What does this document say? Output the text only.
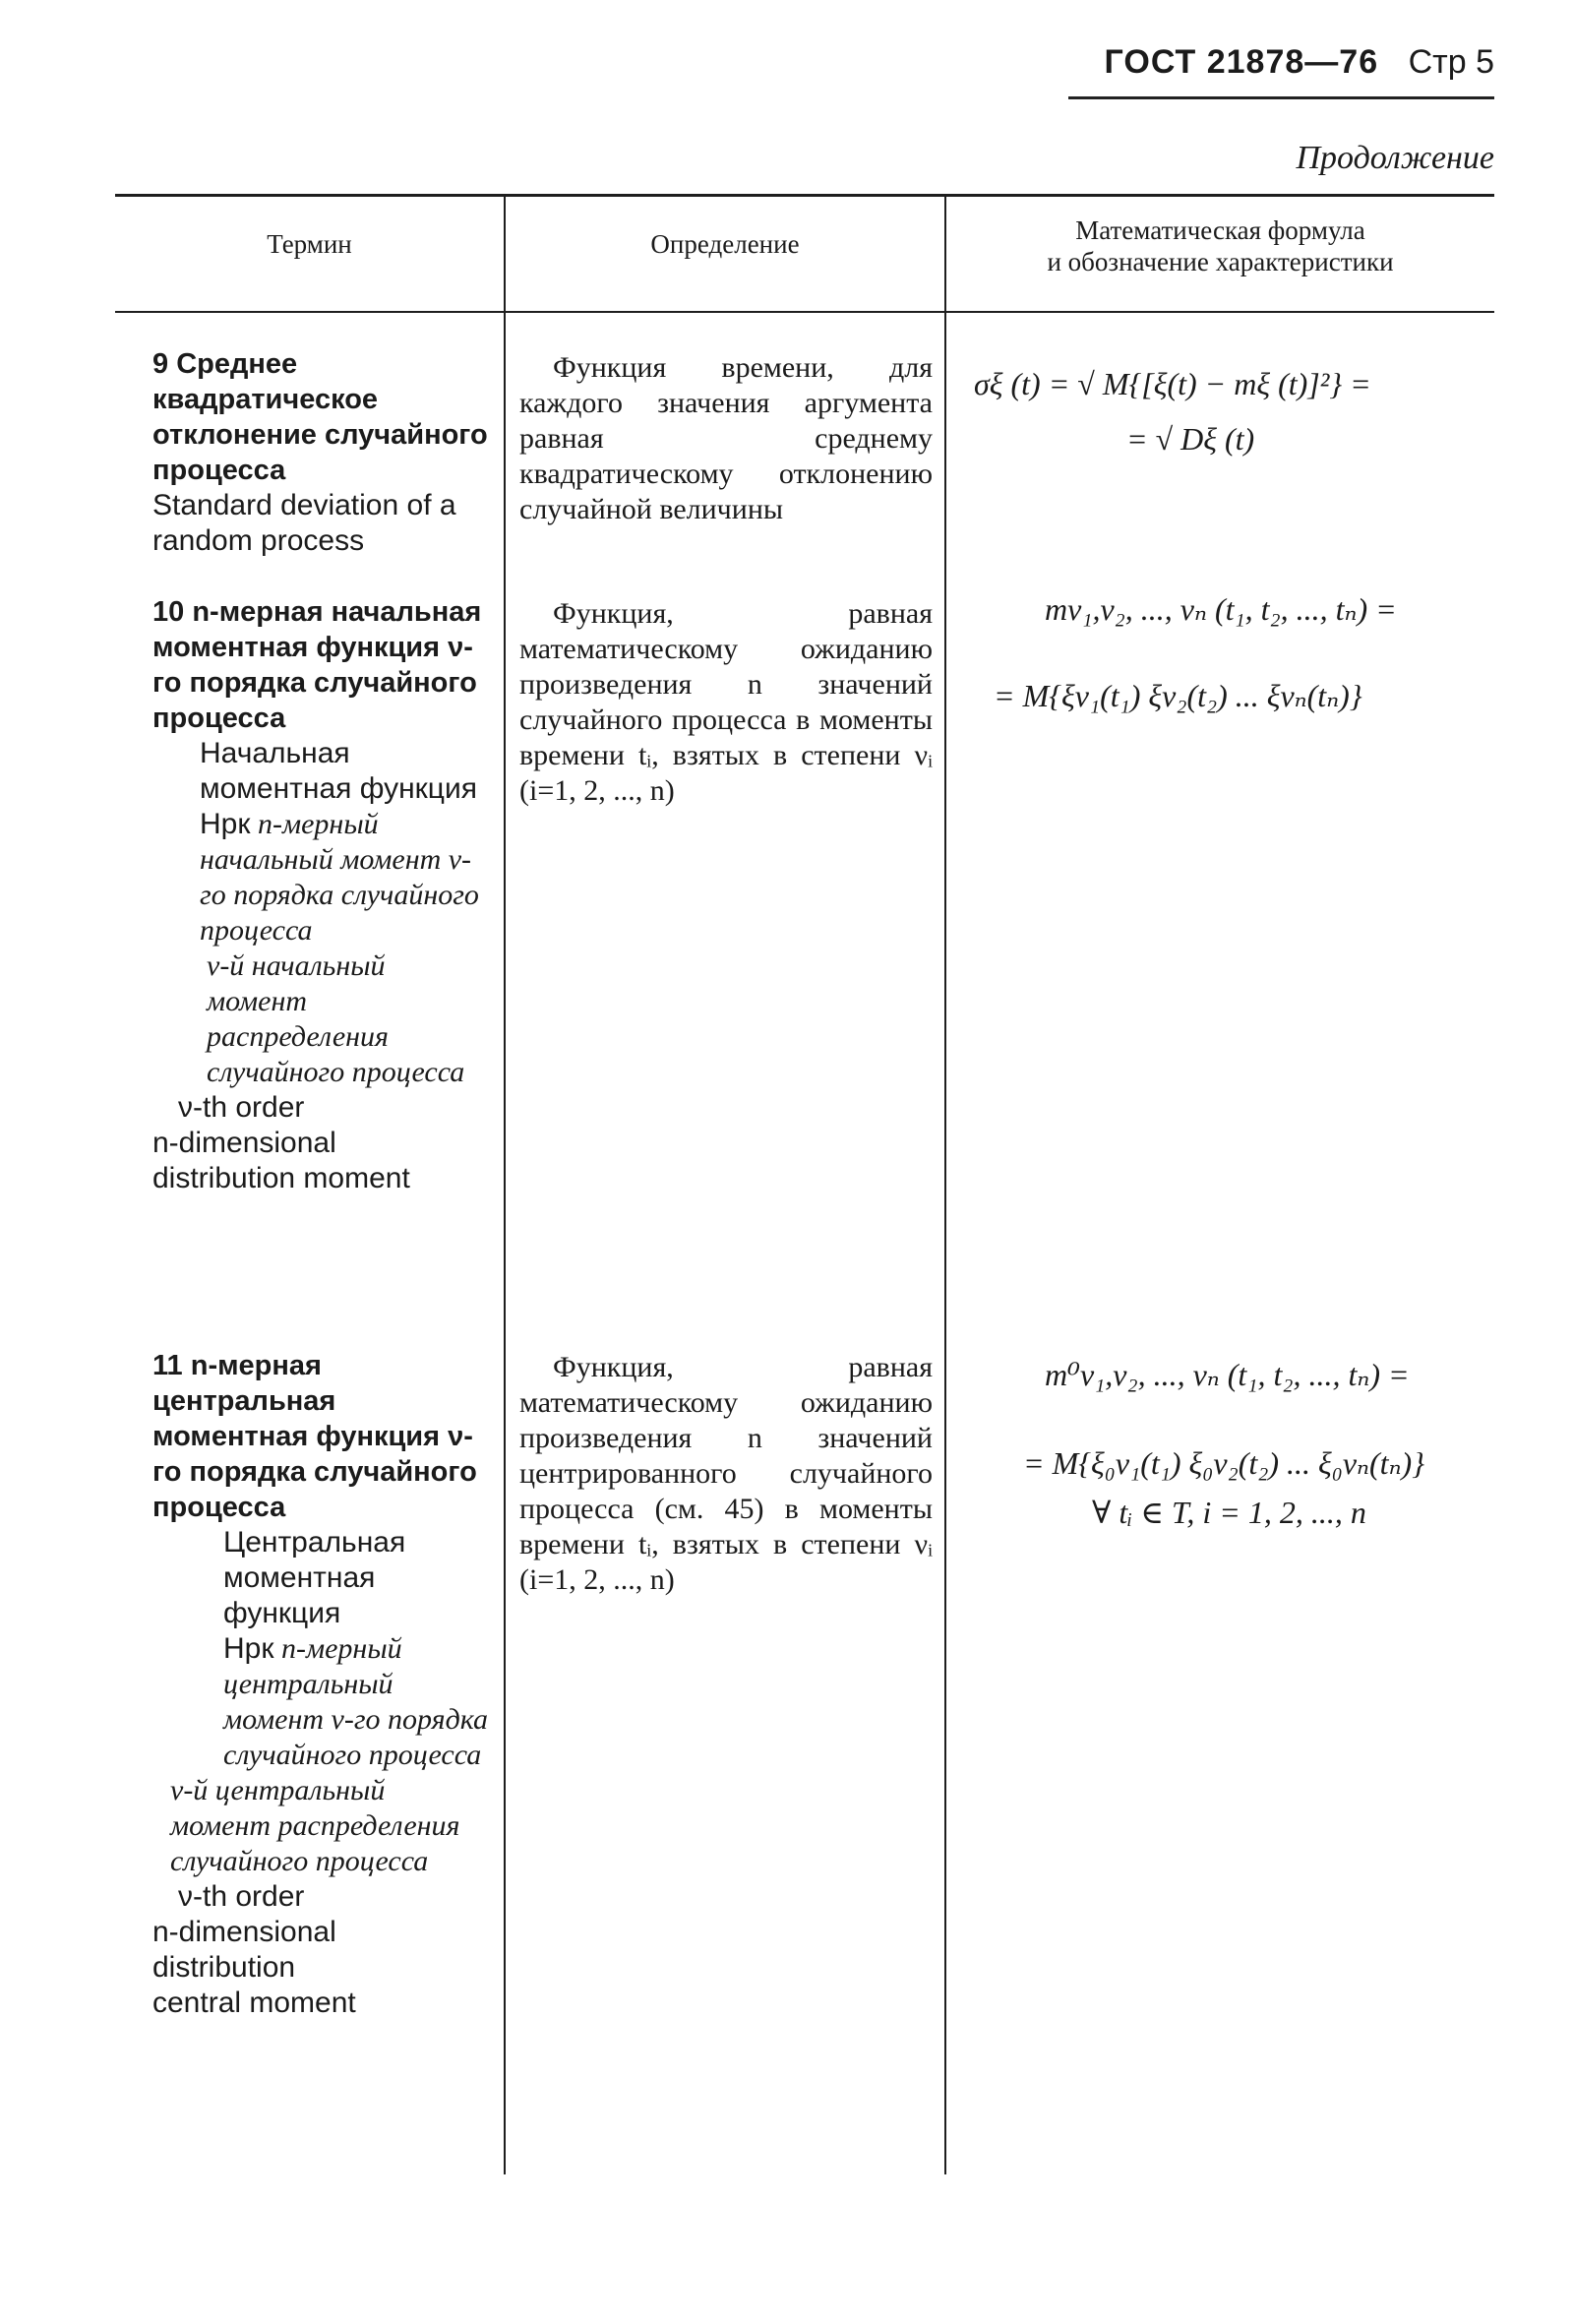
ГОСТ 21878—76 Стр 5
Продолжение
Термин	Определение	Математическая формула
и обозначение характеристики
9 Среднее квадратическое отклонение случайного процесса
Standard deviation of a random process
Функция времени, для каждого значения аргумента равная среднему квадратическому отклонению случайной величины
σξ (t) = √ M{[ξ(t) − mξ (t)]²} =
= √ Dξ (t)
10 n-мерная начальная моментная функция ν-го порядка случайного процесса
Начальная моментная функция
Нрк n-мерный начальный момент ν-го порядка случайного процесса
ν-й начальный момент распределения случайного процесса
ν-th order
n-dimensional
distribution moment
Функция, равная математическому ожиданию произведения n значений случайного процесса в моменты времени tᵢ, взятых в степени νᵢ (i=1, 2, ..., n)
mν₁,ν₂, ..., νₙ (t₁, t₂, ..., tₙ) =
= M{ξν₁(t₁) ξν₂(t₂) ... ξνₙ(tₙ)}
11 n-мерная центральная моментная функция ν-го порядка случайного процесса
Центральная
моментная
функция
Нрк n-мерный центральный момент ν-го порядка случайного процесса
ν-й центральный момент распределения случайного процесса
ν-th order
n-dimensional
distribution
central moment
Функция, равная математическому ожиданию произведения n значений центрированного случайного процесса (см. 45) в моменты времени tᵢ, взятых в степени νᵢ (i=1, 2, ..., n)
m⁰ν₁,ν₂, ..., νₙ (t₁, t₂, ..., tₙ) =
= M{ξ₀ν₁(t₁) ξ₀ν₂(t₂) ... ξ₀νₙ(tₙ)}
∀ tᵢ ∈ T, i = 1, 2, ..., n
